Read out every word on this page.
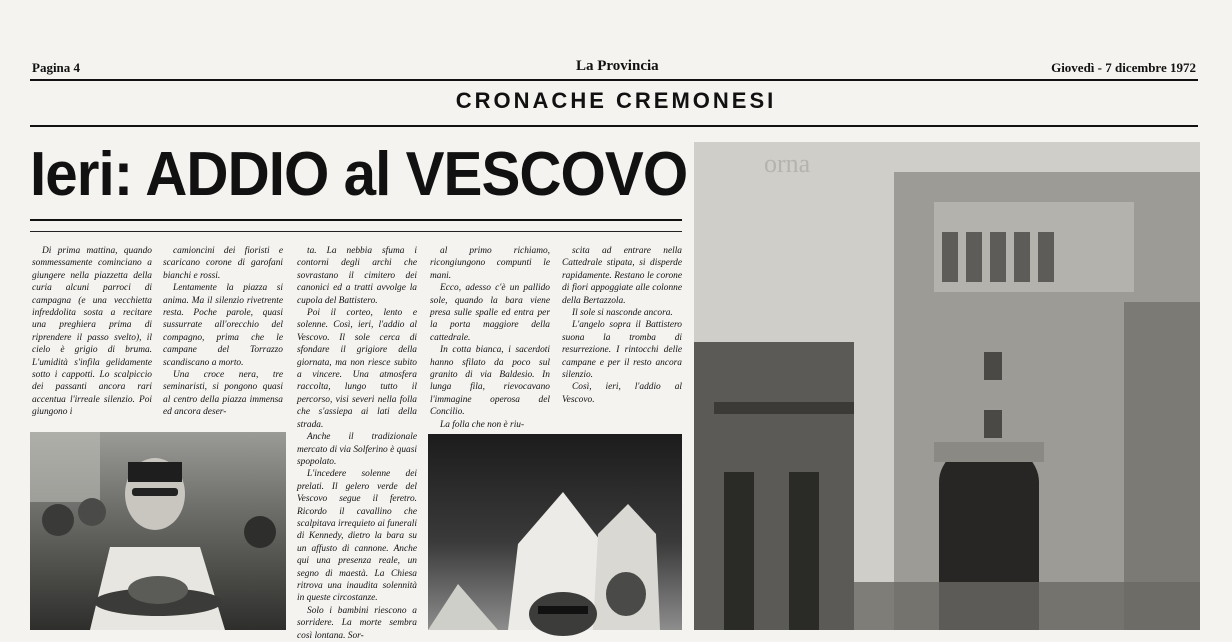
Pagina 4	La Provincia	Giovedì - 7 dicembre 1972
CRONACHE CREMONESI
Ieri: ADDIO al VESCOVO

Di prima mattina, quando sommessamente cominciano a giungere nella piazzetta della curia alcuni parroci di campagna (e una vecchietta infreddolita sosta a recitare una preghiera prima di riprendere il passo svelto), il cielo è grigio di bruma. L'umidità s'infila gelidamente sotto i cappotti. Lo scalpiccio dei passanti ancora rari accentua l'irreale silenzio. Poi giungono i

camioncini dei fioristi e scaricano corone di garofani bianchi e rossi.

Lentamente la piazza si anima. Ma il silenzio rivetrente resta. Poche parole, quasi sussurrate all'orecchio del compagno, prima che le campane del Torrazzo scandiscano a morto.

Una croce nera, tre seminaristi, si pongono quasi al centro della piazza immensa ed ancora deser-

ta. La nebbia sfuma i contorni degli archi che sovrastano il cimitero dei canonici ed a tratti avvolge la cupola del Battistero.

Poi il corteo, lento e solenne. Così, ieri, l'addio al Vescovo. Il sole cerca di sfondare il grigiore della giornata, ma non riesce subito a vincere. Una atmosfera raccolta, lungo tutto il percorso, visi severi nella folla che s'assiepa ai lati della strada.

Anche il tradizionale mercato di via Solferino è quasi spopolato.

L'incedere solenne dei prelati. Il gelero verde del Vescovo segue il feretro. Ricordo il cavallino che scalpitava irrequieto ai funerali di Kennedy, dietro la bara su un affusto di cannone. Anche qui una presenza reale, un segno di maestà. La Chiesa ritrova una inaudita solennità in queste circostanze.

Solo i bambini riescono a sorridere. La morte sembra così lontana. Sor-

al primo richiamo, ricongiungono compunti le mani.

Ecco, adesso c'è un pallido sole, quando la bara viene presa sulle spalle ed entra per la porta maggiore della cattedrale.

In cotta bianca, i sacerdoti hanno sfilato da poco sul granito di via Baldesio. In lunga fila, rievocavano l'immagine operosa del Concilio.

La folla che non è riu-

scita ad entrare nella Cattedrale stipata, si disperde rapidamente. Restano le corone di fiori appoggiate alle colonne della Bertazzola.

Il sole si nasconde ancora.

L'angelo sopra il Battistero suona la tromba di resurrezione. I rintocchi delle campane e per il resto ancora silenzio.

Così, ieri, l'addio al Vescovo.

orna
